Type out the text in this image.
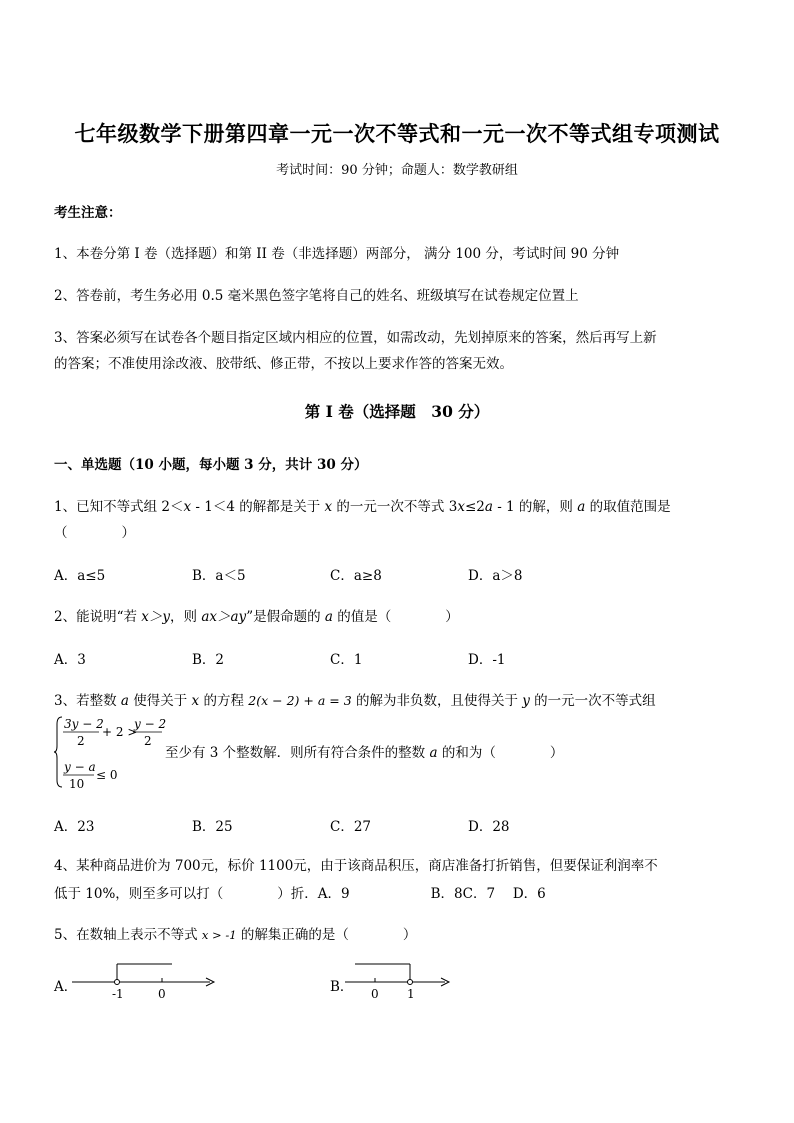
七年级数学下册第四章一元一次不等式和一元一次不等式组专项测试
考试时间：90 分钟；命题人：数学教研组
考生注意：
1、本卷分第 I 卷（选择题）和第 II 卷（非选择题）两部分， 满分 100 分，考试时间 90 分钟
2、答卷前，考生务必用 0.5 毫米黑色签字笔将自己的姓名、班级填写在试卷规定位置上
3、答案必须写在试卷各个题目指定区域内相应的位置，如需改动，先划掉原来的答案，然后再写上新
的答案；不准使用涂改液、胶带纸、修正带，不按以上要求作答的答案无效。
第 I 卷（选择题　30 分）
一、单选题（10 小题，每小题 3 分，共计 30 分）
1、已知不等式组 2＜x - 1＜4 的解都是关于 x 的一元一次不等式 3x≤2a - 1 的解，则 a 的取值范围是
（　　　　）
A．a≤5	B．a＜5	C．a≥8	D．a＞8
2、能说明“若 x＞y，则 ax＞ay”是假命题的 a 的值是（　　　　）
A．3	B．2	C．1	D．-1
3、若整数 a 使得关于 x 的方程 2(x − 2) + a = 3 的解为非负数，且使得关于 y 的一元一次不等式组
3y − 2
2
+ 2 >
y − 2
2
y − a
10
≤ 0
至少有 3 个整数解．则所有符合条件的整数 a 的和为（　　　　）
A．23	B．25	C．27	D．28
4、某种商品进价为 700元，标价 1100元，由于该商品积压，商店准备打折销售，但要保证利润率不
低于 10%，则至多可以打（　　　　）折．A．9　　　　　　B．8C．7　 D．6
5、在数轴上表示不等式 x > -1 的解集正确的是（　　　　）
A．	-1	0	B． 0 1
